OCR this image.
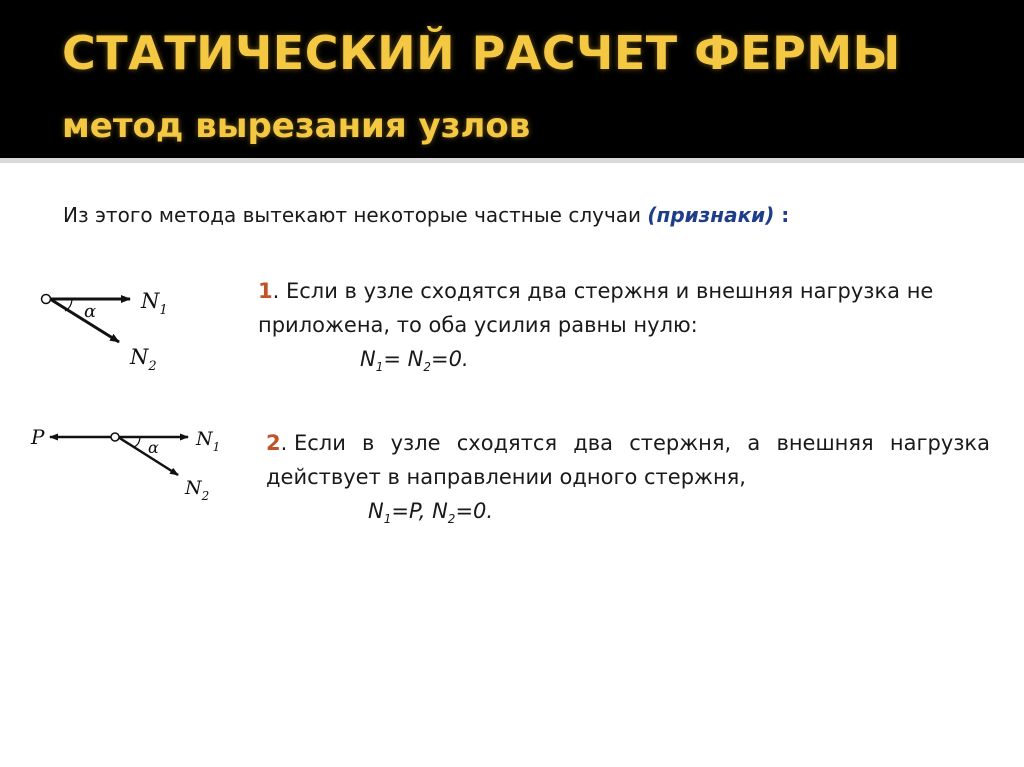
СТАТИЧЕСКИЙ РАСЧЕТ ФЕРМЫ
метод вырезания узлов
Из этого метода вытекают некоторые частные случаи (признаки) :
α $N_1$
$N_2$
α
P	$N_1$
$N_2$
1. Если в узле сходятся два стержня и внешняя нагрузка не
приложена, то оба усилия равны нулю:
$N_1= N_2=0$.
2. Если в узле сходятся два стержня, а внешняя нагрузка
действует в направлении одного стержня,
$N_1=P$, $N_2=0$.
